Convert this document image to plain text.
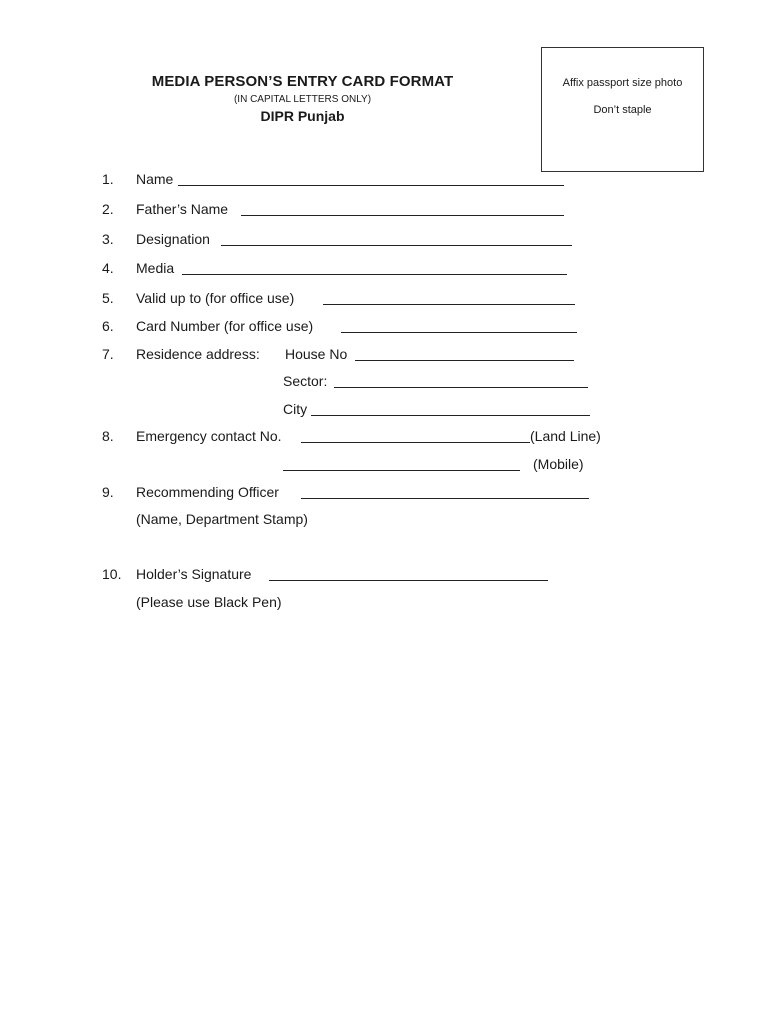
MEDIA PERSON’S ENTRY CARD FORMAT
(IN CAPITAL LETTERS ONLY)
DIPR Punjab
Affix passport size photo
Don’t staple
1. Name
2. Father’s Name
3. Designation
4. Media
5. Valid up to (for office use)
6. Card Number (for office use)
7. Residence address: House No
Sector:
City
8. Emergency contact No.	(Land Line)
(Mobile)
9. Recommending Officer
(Name, Department Stamp)
10. Holder’s Signature
(Please use Black Pen)
